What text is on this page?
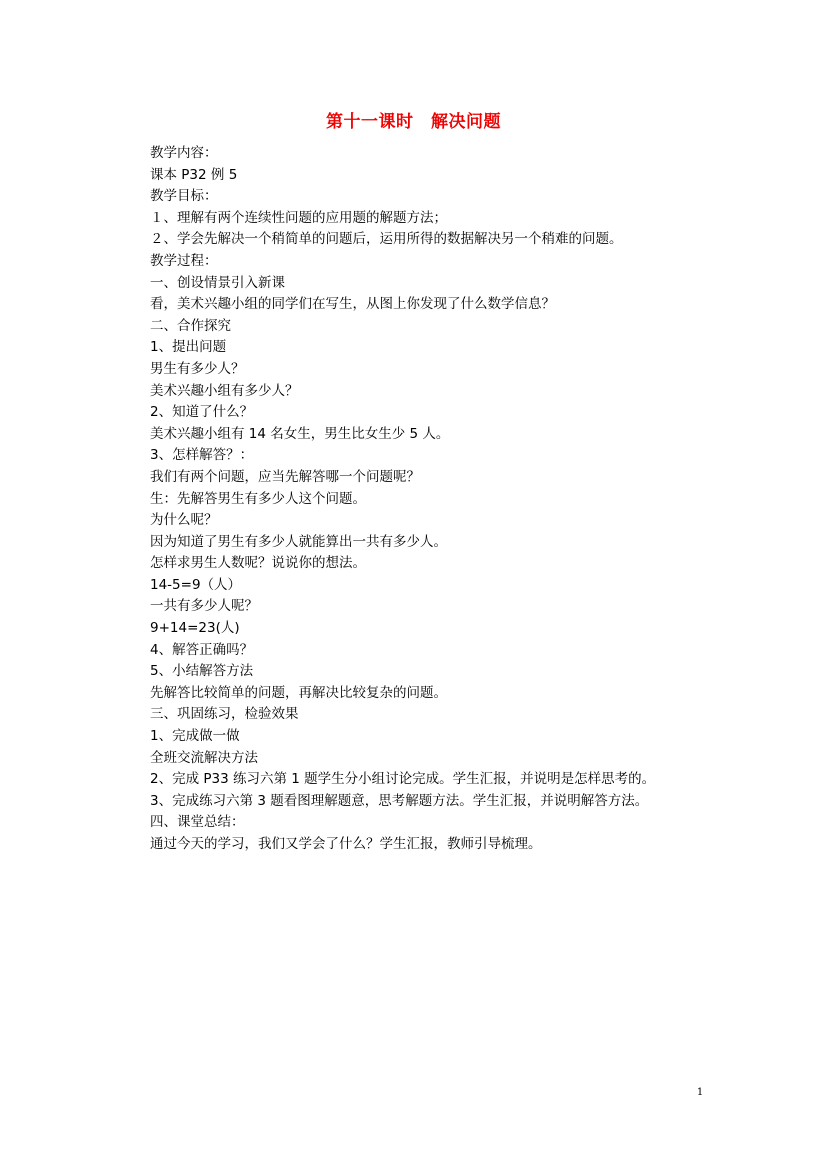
第十一课时　解决问题
教学内容：
课本 P32 例 5
教学目标：
１、理解有两个连续性问题的应用题的解题方法；
２、学会先解决一个稍简单的问题后，运用所得的数据解决另一个稍难的问题。
教学过程：
一、创设情景引入新课
看，美术兴趣小组的同学们在写生，从图上你发现了什么数学信息？
二、合作探究
1、提出问题
男生有多少人？
美术兴趣小组有多少人？
2、知道了什么？
美术兴趣小组有 14 名女生，男生比女生少 5 人。
3、怎样解答？：
我们有两个问题，应当先解答哪一个问题呢？
生：先解答男生有多少人这个问题。
为什么呢？
因为知道了男生有多少人就能算出一共有多少人。
怎样求男生人数呢？说说你的想法。
14-5=9（人）
一共有多少人呢？
9+14=23(人)
4、解答正确吗？
5、小结解答方法
先解答比较简单的问题，再解决比较复杂的问题。
三、巩固练习，检验效果
1、完成做一做
全班交流解决方法
2、完成 P33 练习六第 1 题学生分小组讨论完成。学生汇报，并说明是怎样思考的。
3、完成练习六第 3 题看图理解题意，思考解题方法。学生汇报，并说明解答方法。
四、课堂总结：
通过今天的学习，我们又学会了什么？学生汇报，教师引导梳理。
1
